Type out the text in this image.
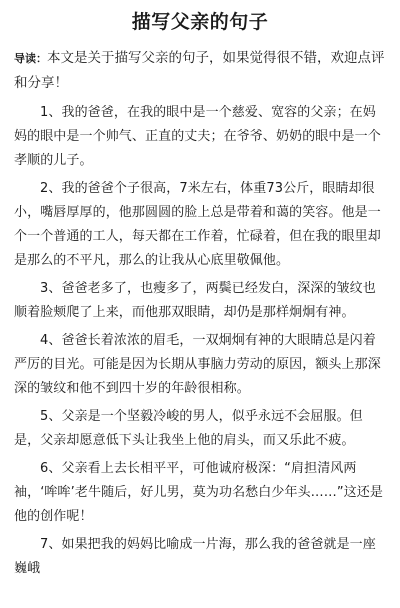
描写父亲的句子
导读：本文是关于描写父亲的句子，如果觉得很不错，欢迎点评和分享！
1、我的爸爸，在我的眼中是一个慈爱、宽容的父亲；在妈妈的眼中是一个帅气、正直的丈夫；在爷爷、奶奶的眼中是一个孝顺的儿子。
2、我的爸爸个子很高，7米左右，体重73公斤，眼睛却很小，嘴唇厚厚的，他那圆圆的脸上总是带着和蔼的笑容。他是一个一个普通的工人，每天都在工作着，忙碌着，但在我的眼里却是那么的不平凡，那么的让我从心底里敬佩他。
3、爸爸老多了，也瘦多了，两鬓已经发白，深深的皱纹也顺着脸颊爬了上来，而他那双眼睛，却仍是那样炯炯有神。
4、爸爸长着浓浓的眉毛，一双炯炯有神的大眼睛总是闪着严厉的目光。可能是因为长期从事脑力劳动的原因，额头上那深深的皱纹和他不到四十岁的年龄很相称。
5、父亲是一个坚毅冷峻的男人，似乎永远不会屈服。但是，父亲却愿意低下头让我坐上他的肩头，而又乐此不疲。
6、父亲看上去长相平平，可他诚府极深：“肩担清风两袖，‘哞哞’老牛随后，好儿男，莫为功名愁白少年头……”这还是他的创作呢！
7、如果把我的妈妈比喻成一片海，那么我的爸爸就是一座巍峨
